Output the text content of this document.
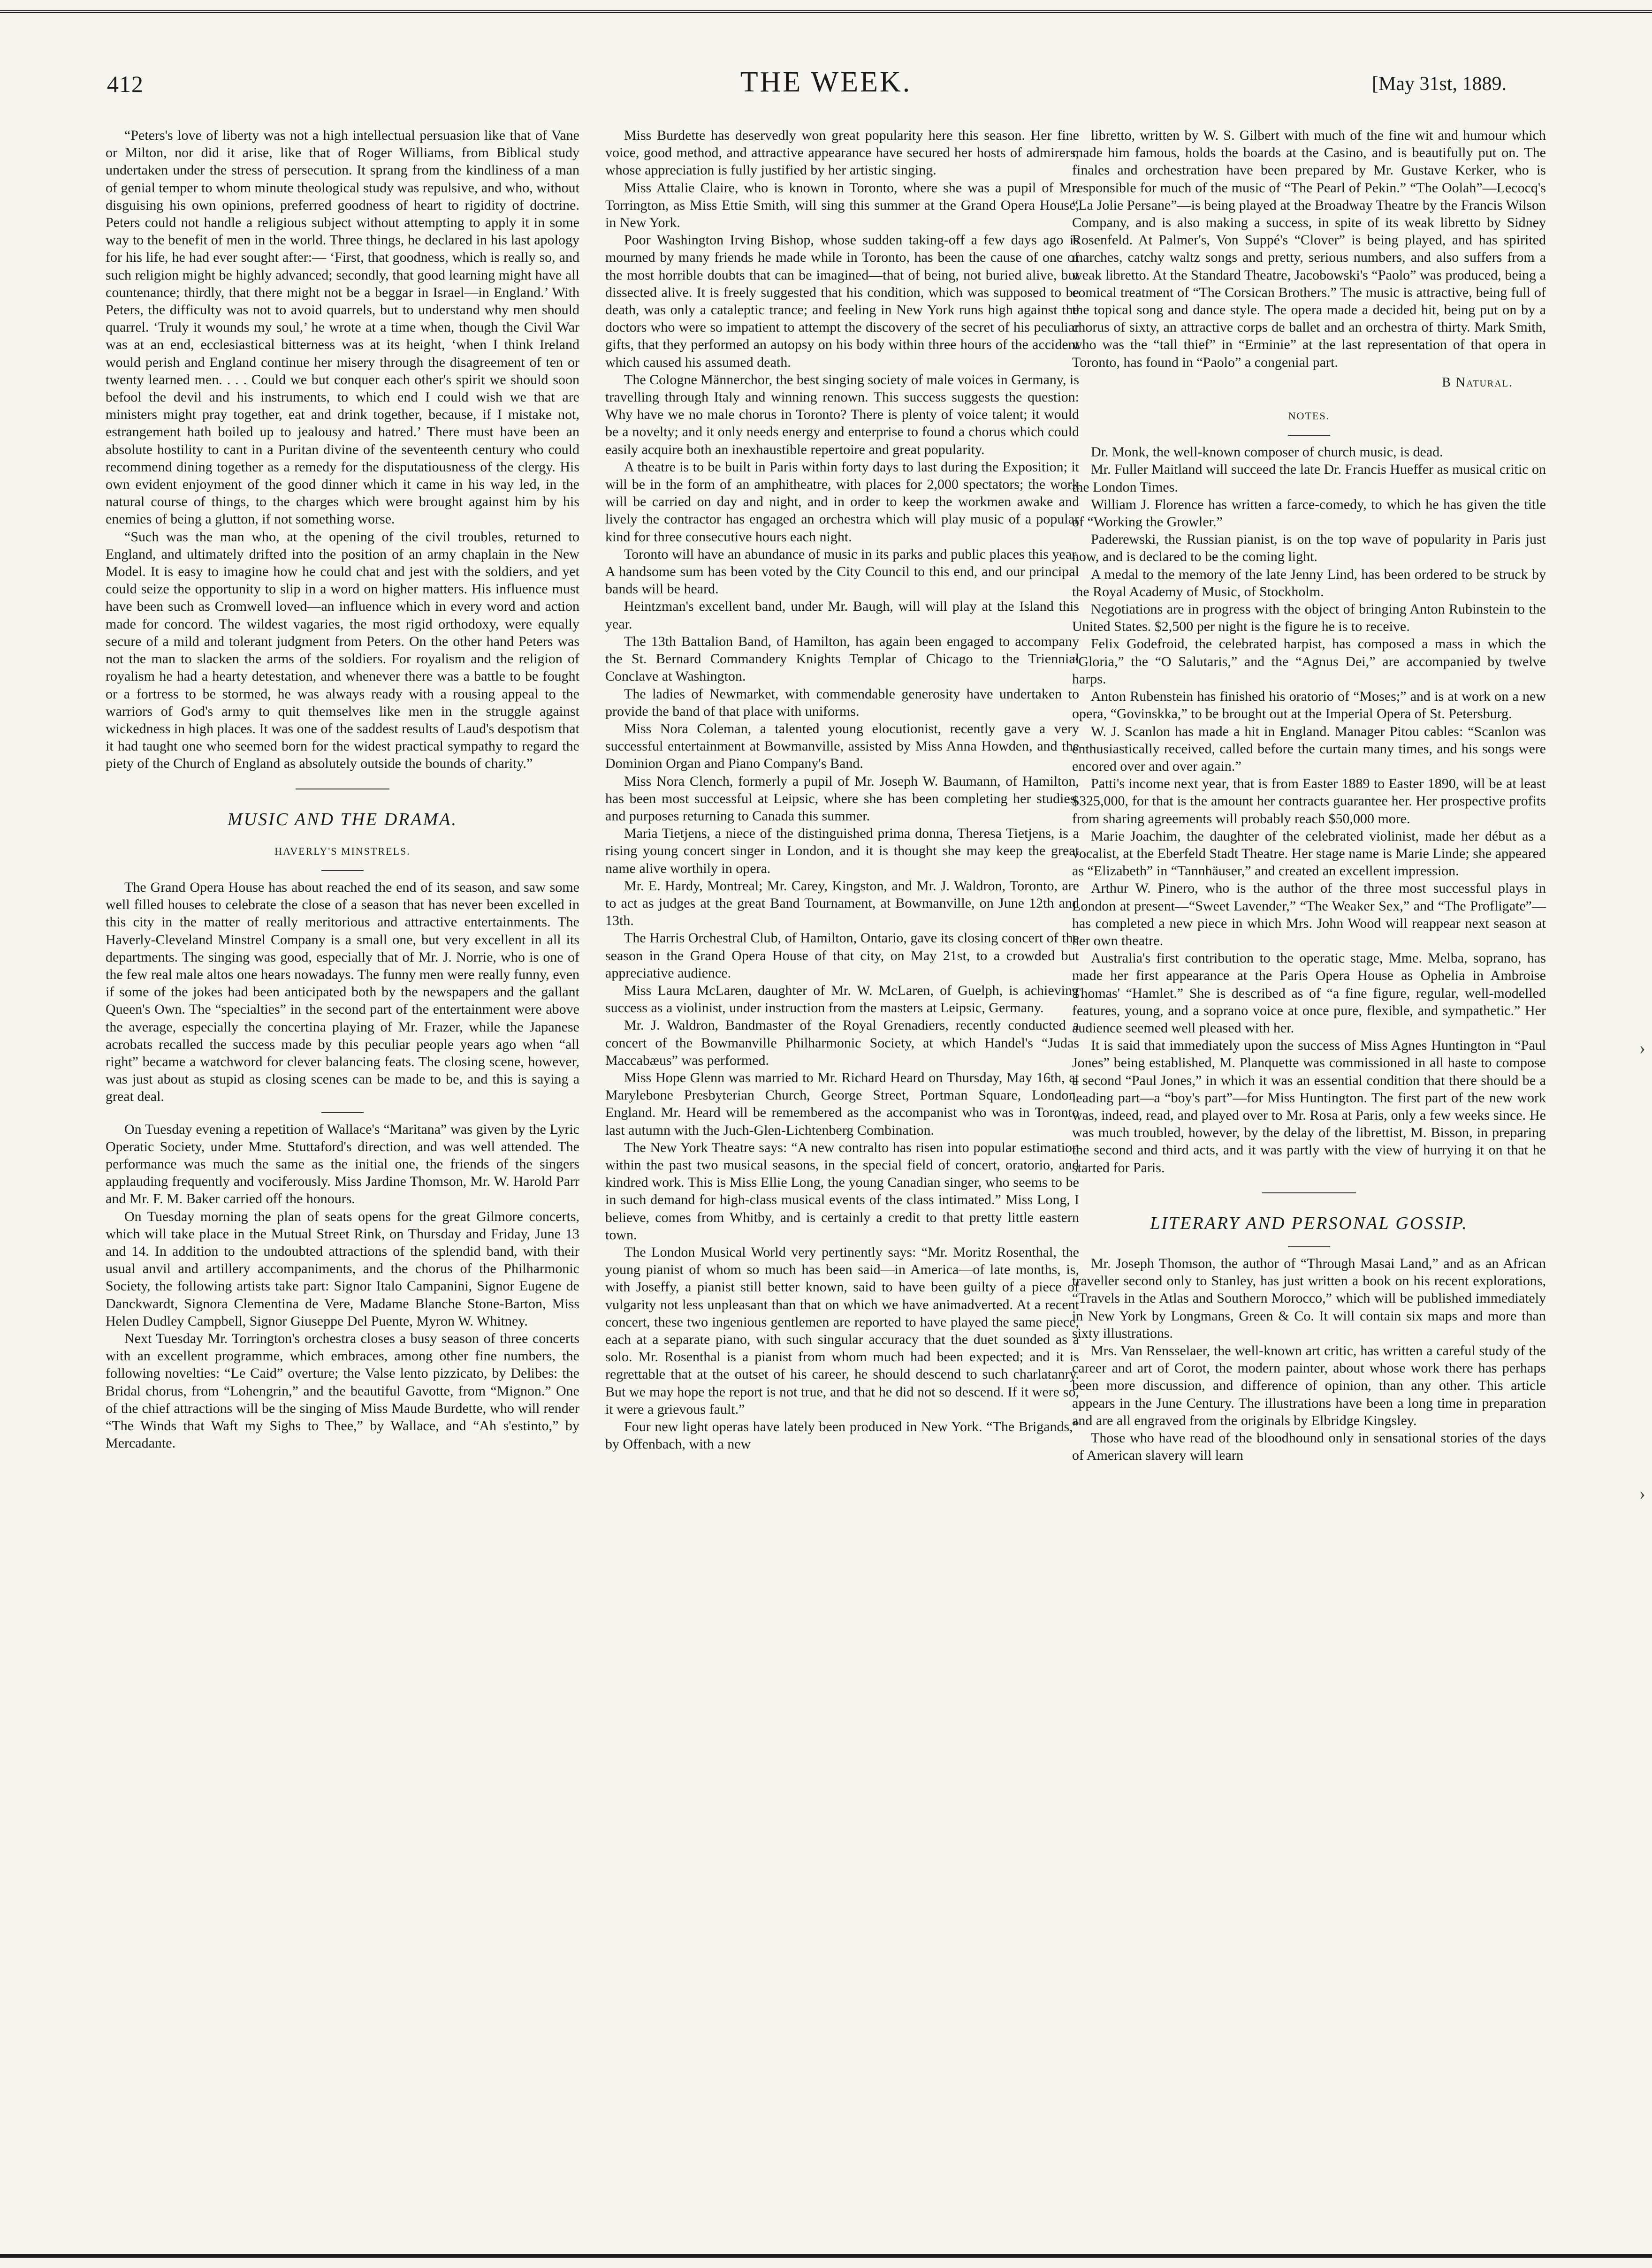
412	THE WEEK.	[May 31st, 1889.

“Peters's love of liberty was not a high intellectual persuasion like that of Vane or Milton, nor did it arise, like that of Roger Williams, from Biblical study undertaken under the stress of persecution. It sprang from the kindliness of a man of genial temper to whom minute theological study was repulsive, and who, without disguising his own opinions, preferred goodness of heart to rigidity of doctrine. Peters could not handle a religious subject without attempting to apply it in some way to the benefit of men in the world. Three things, he declared in his last apology for his life, he had ever sought after:— ‘First, that goodness, which is really so, and such religion might be highly advanced; secondly, that good learning might have all countenance; thirdly, that there might not be a beggar in Israel—in England.’ With Peters, the difficulty was not to avoid quarrels, but to understand why men should quarrel. ‘Truly it wounds my soul,’ he wrote at a time when, though the Civil War was at an end, ecclesiastical bitterness was at its height, ‘when I think Ireland would perish and England continue her misery through the disagreement of ten or twenty learned men. . . . Could we but conquer each other's spirit we should soon befool the devil and his instruments, to which end I could wish we that are ministers might pray together, eat and drink together, because, if I mistake not, estrangement hath boiled up to jealousy and hatred.’ There must have been an absolute hostility to cant in a Puritan divine of the seventeenth century who could recommend dining together as a remedy for the disputatiousness of the clergy. His own evident enjoyment of the good dinner which it came in his way led, in the natural course of things, to the charges which were brought against him by his enemies of being a glutton, if not something worse.

“Such was the man who, at the opening of the civil troubles, returned to England, and ultimately drifted into the position of an army chaplain in the New Model. It is easy to imagine how he could chat and jest with the soldiers, and yet could seize the opportunity to slip in a word on higher matters. His influence must have been such as Cromwell loved—an influence which in every word and action made for concord. The wildest vagaries, the most rigid orthodoxy, were equally secure of a mild and tolerant judgment from Peters. On the other hand Peters was not the man to slacken the arms of the soldiers. For royalism and the religion of royalism he had a hearty detestation, and whenever there was a battle to be fought or a fortress to be stormed, he was always ready with a rousing appeal to the warriors of God's army to quit themselves like men in the struggle against wickedness in high places. It was one of the saddest results of Laud's despotism that it had taught one who seemed born for the widest practical sympathy to regard the piety of the Church of England as absolutely outside the bounds of charity.”

MUSIC AND THE DRAMA.
HAVERLY'S MINSTRELS.

The Grand Opera House has about reached the end of its season, and saw some well filled houses to celebrate the close of a season that has never been excelled in this city in the matter of really meritorious and attractive entertainments. The Haverly-Cleveland Minstrel Company is a small one, but very excellent in all its departments. The singing was good, especially that of Mr. J. Norrie, who is one of the few real male altos one hears nowadays. The funny men were really funny, even if some of the jokes had been anticipated both by the newspapers and the gallant Queen's Own. The “specialties” in the second part of the entertainment were above the average, especially the concertina playing of Mr. Frazer, while the Japanese acrobats recalled the success made by this peculiar people years ago when “all right” became a watchword for clever balancing feats. The closing scene, however, was just about as stupid as closing scenes can be made to be, and this is saying a great deal.

On Tuesday evening a repetition of Wallace's “Maritana” was given by the Lyric Operatic Society, under Mme. Stuttaford's direction, and was well attended. The performance was much the same as the initial one, the friends of the singers applauding frequently and vociferously. Miss Jardine Thomson, Mr. W. Harold Parr and Mr. F. M. Baker carried off the honours.

On Tuesday morning the plan of seats opens for the great Gilmore concerts, which will take place in the Mutual Street Rink, on Thursday and Friday, June 13 and 14. In addition to the undoubted attractions of the splendid band, with their usual anvil and artillery accompaniments, and the chorus of the Philharmonic Society, the following artists take part: Signor Italo Campanini, Signor Eugene de Danckwardt, Signora Clementina de Vere, Madame Blanche Stone-Barton, Miss Helen Dudley Campbell, Signor Giuseppe Del Puente, Myron W. Whitney.

Next Tuesday Mr. Torrington's orchestra closes a busy season of three concerts with an excellent programme, which embraces, among other fine numbers, the following novelties: “Le Caid” overture; the Valse lento pizzicato, by Delibes: the Bridal chorus, from “Lohengrin,” and the beautiful Gavotte, from “Mignon.” One of the chief attractions will be the singing of Miss Maude Burdette, who will render “The Winds that Waft my Sighs to Thee,” by Wallace, and “Ah s'estinto,” by Mercadante.

Miss Burdette has deservedly won great popularity here this season. Her fine voice, good method, and attractive appearance have secured her hosts of admirers, whose appreciation is fully justified by her artistic singing.

Miss Attalie Claire, who is known in Toronto, where she was a pupil of Mr. Torrington, as Miss Ettie Smith, will sing this summer at the Grand Opera House, in New York.

Poor Washington Irving Bishop, whose sudden taking-off a few days ago is mourned by many friends he made while in Toronto, has been the cause of one of the most horrible doubts that can be imagined—that of being, not buried alive, but dissected alive. It is freely suggested that his condition, which was supposed to be death, was only a cataleptic trance; and feeling in New York runs high against the doctors who were so impatient to attempt the discovery of the secret of his peculiar gifts, that they performed an autopsy on his body within three hours of the accident which caused his assumed death.

The Cologne Männerchor, the best singing society of male voices in Germany, is travelling through Italy and winning renown. This success suggests the question: Why have we no male chorus in Toronto? There is plenty of voice talent; it would be a novelty; and it only needs energy and enterprise to found a chorus which could easily acquire both an inexhaustible repertoire and great popularity.

A theatre is to be built in Paris within forty days to last during the Exposition; it will be in the form of an amphitheatre, with places for 2,000 spectators; the work will be carried on day and night, and in order to keep the workmen awake and lively the contractor has engaged an orchestra which will play music of a popular kind for three consecutive hours each night.

Toronto will have an abundance of music in its parks and public places this year. A handsome sum has been voted by the City Council to this end, and our principal bands will be heard.

Heintzman's excellent band, under Mr. Baugh, will will play at the Island this year.

The 13th Battalion Band, of Hamilton, has again been engaged to accompany the St. Bernard Commandery Knights Templar of Chicago to the Triennial Conclave at Washington.

The ladies of Newmarket, with commendable generosity have undertaken to provide the band of that place with uniforms.

Miss Nora Coleman, a talented young elocutionist, recently gave a very successful entertainment at Bowmanville, assisted by Miss Anna Howden, and the Dominion Organ and Piano Company's Band.

Miss Nora Clench, formerly a pupil of Mr. Joseph W. Baumann, of Hamilton, has been most successful at Leipsic, where she has been completing her studies, and purposes returning to Canada this summer.

Maria Tietjens, a niece of the distinguished prima donna, Theresa Tietjens, is a rising young concert singer in London, and it is thought she may keep the great name alive worthily in opera.

Mr. E. Hardy, Montreal; Mr. Carey, Kingston, and Mr. J. Waldron, Toronto, are to act as judges at the great Band Tournament, at Bowmanville, on June 12th and 13th.

The Harris Orchestral Club, of Hamilton, Ontario, gave its closing concert of the season in the Grand Opera House of that city, on May 21st, to a crowded but appreciative audience.

Miss Laura McLaren, daughter of Mr. W. McLaren, of Guelph, is achieving success as a violinist, under instruction from the masters at Leipsic, Germany.

Mr. J. Waldron, Bandmaster of the Royal Grenadiers, recently conducted a concert of the Bowmanville Philharmonic Society, at which Handel's “Judas Maccabæus” was performed.

Miss Hope Glenn was married to Mr. Richard Heard on Thursday, May 16th, at Marylebone Presbyterian Church, George Street, Portman Square, London, England. Mr. Heard will be remembered as the accompanist who was in Toronto last autumn with the Juch-Glen-Lichtenberg Combination.

The New York Theatre says: “A new contralto has risen into popular estimation within the past two musical seasons, in the special field of concert, oratorio, and kindred work. This is Miss Ellie Long, the young Canadian singer, who seems to be in such demand for high-class musical events of the class intimated.” Miss Long, I believe, comes from Whitby, and is certainly a credit to that pretty little eastern town.

The London Musical World very pertinently says: “Mr. Moritz Rosenthal, the young pianist of whom so much has been said—in America—of late months, is, with Joseffy, a pianist still better known, said to have been guilty of a piece of vulgarity not less unpleasant than that on which we have animadverted. At a recent concert, these two ingenious gentlemen are reported to have played the same piece, each at a separate piano, with such singular accuracy that the duet sounded as a solo. Mr. Rosenthal is a pianist from whom much had been expected; and it is regrettable that at the outset of his career, he should descend to such charlatanry. But we may hope the report is not true, and that he did not so descend. If it were so, it were a grievous fault.”

Four new light operas have lately been produced in New York. “The Brigands,” by Offenbach, with a new

libretto, written by W. S. Gilbert with much of the fine wit and humour which made him famous, holds the boards at the Casino, and is beautifully put on. The finales and orchestration have been prepared by Mr. Gustave Kerker, who is responsible for much of the music of “The Pearl of Pekin.” “The Oolah”—Lecocq's “La Jolie Persane”—is being played at the Broadway Theatre by the Francis Wilson Company, and is also making a success, in spite of its weak libretto by Sidney Rosenfeld. At Palmer's, Von Suppé's “Clover” is being played, and has spirited marches, catchy waltz songs and pretty, serious numbers, and also suffers from a weak libretto. At the Standard Theatre, Jacobowski's “Paolo” was produced, being a comical treatment of “The Corsican Brothers.” The music is attractive, being full of the topical song and dance style. The opera made a decided hit, being put on by a chorus of sixty, an attractive corps de ballet and an orchestra of thirty. Mark Smith, who was the “tall thief” in “Erminie” at the last representation of that opera in Toronto, has found in “Paolo” a congenial part.

B Natural.
NOTES.

Dr. Monk, the well-known composer of church music, is dead.

Mr. Fuller Maitland will succeed the late Dr. Francis Hueffer as musical critic on the London Times.

William J. Florence has written a farce-comedy, to which he has given the title of “Working the Growler.”

Paderewski, the Russian pianist, is on the top wave of popularity in Paris just now, and is declared to be the coming light.

A medal to the memory of the late Jenny Lind, has been ordered to be struck by the Royal Academy of Music, of Stockholm.

Negotiations are in progress with the object of bringing Anton Rubinstein to the United States. $2,500 per night is the figure he is to receive.

Felix Godefroid, the celebrated harpist, has composed a mass in which the “Gloria,” the “O Salutaris,” and the “Agnus Dei,” are accompanied by twelve harps.

Anton Rubenstein has finished his oratorio of “Moses;” and is at work on a new opera, “Govinskka,” to be brought out at the Imperial Opera of St. Petersburg.

W. J. Scanlon has made a hit in England. Manager Pitou cables: “Scanlon was enthusiastically received, called before the curtain many times, and his songs were encored over and over again.”

Patti's income next year, that is from Easter 1889 to Easter 1890, will be at least $325,000, for that is the amount her contracts guarantee her. Her prospective profits from sharing agreements will probably reach $50,000 more.

Marie Joachim, the daughter of the celebrated violinist, made her début as a vocalist, at the Eberfeld Stadt Theatre. Her stage name is Marie Linde; she appeared as “Elizabeth” in “Tannhäuser,” and created an excellent impression.

Arthur W. Pinero, who is the author of the three most successful plays in London at present—“Sweet Lavender,” “The Weaker Sex,” and “The Profligate”—has completed a new piece in which Mrs. John Wood will reappear next season at her own theatre.

Australia's first contribution to the operatic stage, Mme. Melba, soprano, has made her first appearance at the Paris Opera House as Ophelia in Ambroise Thomas' “Hamlet.” She is described as of “a fine figure, regular, well-modelled features, young, and a soprano voice at once pure, flexible, and sympathetic.” Her audience seemed well pleased with her.

It is said that immediately upon the success of Miss Agnes Huntington in “Paul Jones” being established, M. Planquette was commissioned in all haste to compose a second “Paul Jones,” in which it was an essential condition that there should be a leading part—a “boy's part”—for Miss Huntington. The first part of the new work was, indeed, read, and played over to Mr. Rosa at Paris, only a few weeks since. He was much troubled, however, by the delay of the librettist, M. Bisson, in preparing the second and third acts, and it was partly with the view of hurrying it on that he started for Paris.

LITERARY AND PERSONAL GOSSIP.

Mr. Joseph Thomson, the author of “Through Masai Land,” and as an African traveller second only to Stanley, has just written a book on his recent explorations, “Travels in the Atlas and Southern Morocco,” which will be published immediately in New York by Longmans, Green & Co. It will contain six maps and more than sixty illustrations.

Mrs. Van Rensselaer, the well-known art critic, has written a careful study of the career and art of Corot, the modern painter, about whose work there has perhaps been more discussion, and difference of opinion, than any other. This article appears in the June Century. The illustrations have been a long time in preparation and are all engraved from the originals by Elbridge Kingsley.

Those who have read of the bloodhound only in sensational stories of the days of American slavery will learn

›
›
